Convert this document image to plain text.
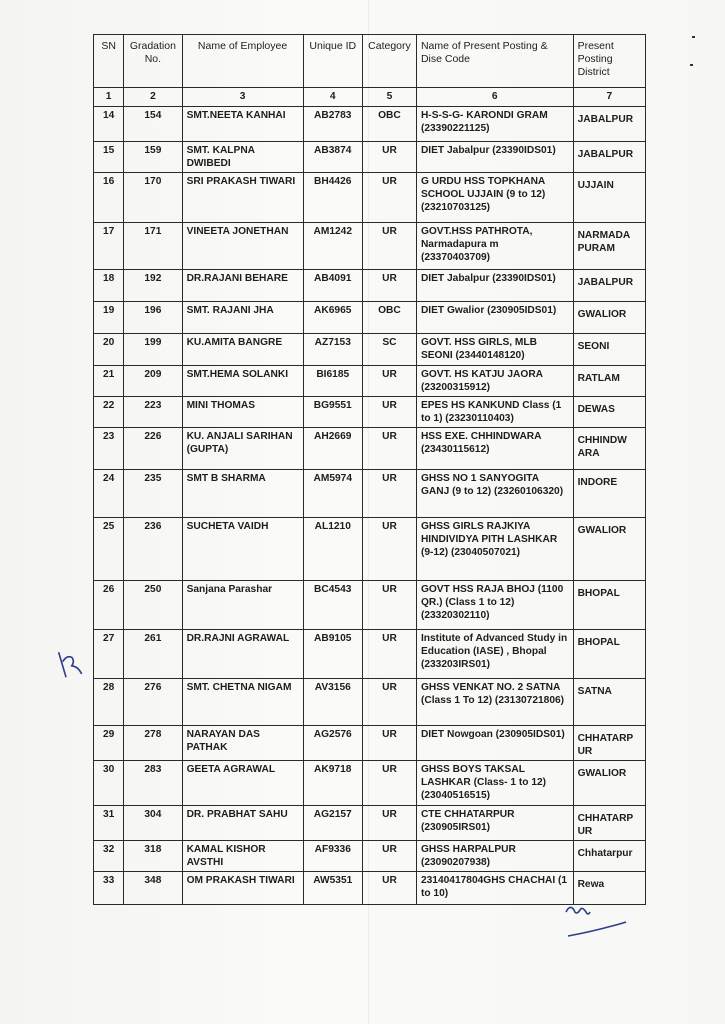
SN	Gradation No.	Name of Employee	Unique ID	Category	Name of Present Posting & Dise Code	Present Posting District
1	2	3	4	5	6	7
14	154	SMT.NEETA KANHAI	AB2783	OBC	H-S-S-G- KARONDI GRAM (23390221125)	JABALPUR
15	159	SMT. KALPNA DWIBEDI	AB3874	UR	DIET Jabalpur (23390IDS01)	JABALPUR
16	170	SRI PRAKASH TIWARI	BH4426	UR	G URDU HSS TOPKHANA SCHOOL UJJAIN (9 to 12) (23210703125)	UJJAIN
17	171	VINEETA JONETHAN	AM1242	UR	GOVT.HSS PATHROTA, Narmadapura m (23370403709)	NARMADA PURAM
18	192	DR.RAJANI BEHARE	AB4091	UR	DIET Jabalpur (23390IDS01)	JABALPUR
19	196	SMT. RAJANI JHA	AK6965	OBC	DIET Gwalior (230905IDS01)	GWALIOR
20	199	KU.AMITA BANGRE	AZ7153	SC	GOVT. HSS GIRLS, MLB SEONI (23440148120)	SEONI
21	209	SMT.HEMA SOLANKI	BI6185	UR	GOVT. HS KATJU JAORA (23200315912)	RATLAM
22	223	MINI THOMAS	BG9551	UR	EPES HS KANKUND Class (1 to 1) (23230110403)	DEWAS
23	226	KU. ANJALI SARIHAN (GUPTA)	AH2669	UR	HSS EXE. CHHINDWARA (23430115612)	CHHINDW ARA
24	235	SMT B SHARMA	AM5974	UR	GHSS NO 1 SANYOGITA GANJ (9 to 12) (23260106320)	INDORE
25	236	SUCHETA VAIDH	AL1210	UR	GHSS GIRLS RAJKIYA HINDIVIDYA PITH LASHKAR (9-12) (23040507021)	GWALIOR
26	250	Sanjana Parashar	BC4543	UR	GOVT HSS RAJA BHOJ (1100 QR.) (Class 1 to 12) (23320302110)	BHOPAL
27	261	DR.RAJNI AGRAWAL	AB9105	UR	Institute of Advanced Study in Education (IASE) , Bhopal (233203IRS01)	BHOPAL
28	276	SMT. CHETNA NIGAM	AV3156	UR	GHSS VENKAT NO. 2 SATNA (Class 1 To 12) (23130721806)	SATNA
29	278	NARAYAN DAS PATHAK	AG2576	UR	DIET Nowgoan (230905IDS01)	CHHATARP UR
30	283	GEETA AGRAWAL	AK9718	UR	GHSS BOYS TAKSAL LASHKAR (Class- 1 to 12) (23040516515)	GWALIOR
31	304	DR. PRABHAT SAHU	AG2157	UR	CTE CHHATARPUR (230905IRS01)	CHHATARP UR
32	318	KAMAL KISHOR AVSTHI	AF9336	UR	GHSS HARPALPUR (23090207938)	Chhatarpur
33	348	OM PRAKASH TIWARI	AW5351	UR	23140417804GHS CHACHAI (1 to 10)	Rewa
